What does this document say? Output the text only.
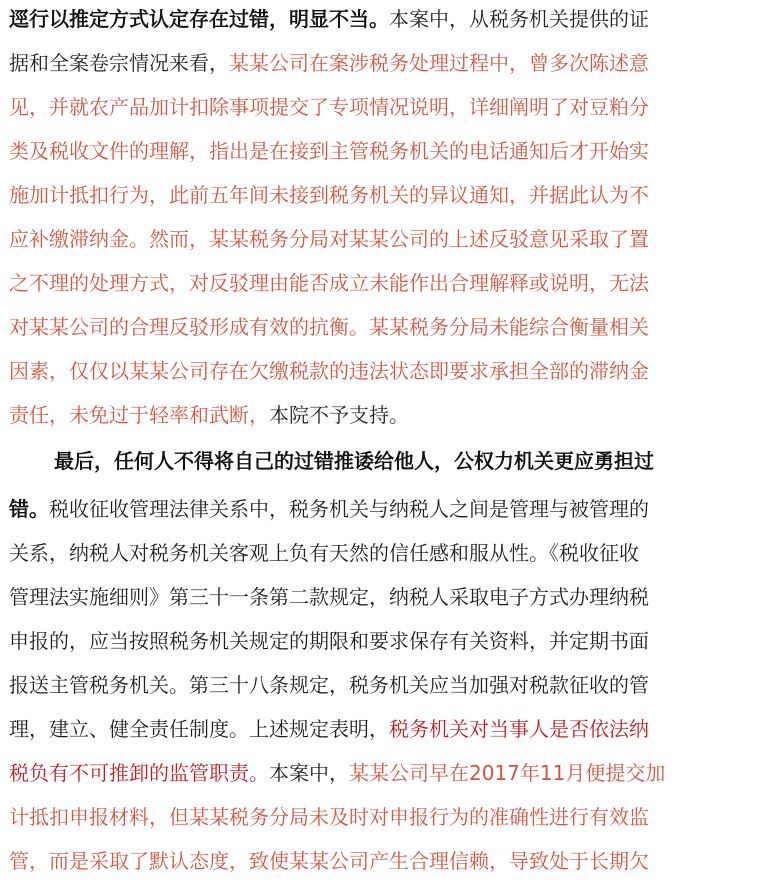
逕行以推定方式认定存在过错，明显不当。本案中，从税务机关提供的证
据和全案卷宗情况来看，某某公司在案涉税务处理过程中，曾多次陈述意
见，并就农产品加计扣除事项提交了专项情况说明，详细阐明了对豆粕分
类及税收文件的理解，指出是在接到主管税务机关的电话通知后才开始实
施加计抵扣行为，此前五年间未接到税务机关的异议通知，并据此认为不
应补缴滞纳金。然而，某某税务分局对某某公司的上述反驳意见采取了置
之不理的处理方式，对反驳理由能否成立未能作出合理解释或说明，无法
对某某公司的合理反驳形成有效的抗衡。某某税务分局未能综合衡量相关
因素，仅仅以某某公司存在欠缴税款的违法状态即要求承担全部的滞纳金
责任，未免过于轻率和武断，本院不予支持。
最后，任何人不得将自己的过错推诿给他人，公权力机关更应勇担过
错。税收征收管理法律关系中，税务机关与纳税人之间是管理与被管理的
关系，纳税人对税务机关客观上负有天然的信任感和服从性。《税收征收
管理法实施细则》第三十一条第二款规定，纳税人采取电子方式办理纳税
申报的，应当按照税务机关规定的期限和要求保存有关资料，并定期书面
报送主管税务机关。第三十八条规定，税务机关应当加强对税款征收的管
理，建立、健全责任制度。上述规定表明，税务机关对当事人是否依法纳
税负有不可推卸的监管职责。本案中，某某公司早在2017年11月便提交加
计抵扣申报材料，但某某税务分局未及时对申报行为的准确性进行有效监
管，而是采取了默认态度，致使某某公司产生合理信赖，导致处于长期欠
